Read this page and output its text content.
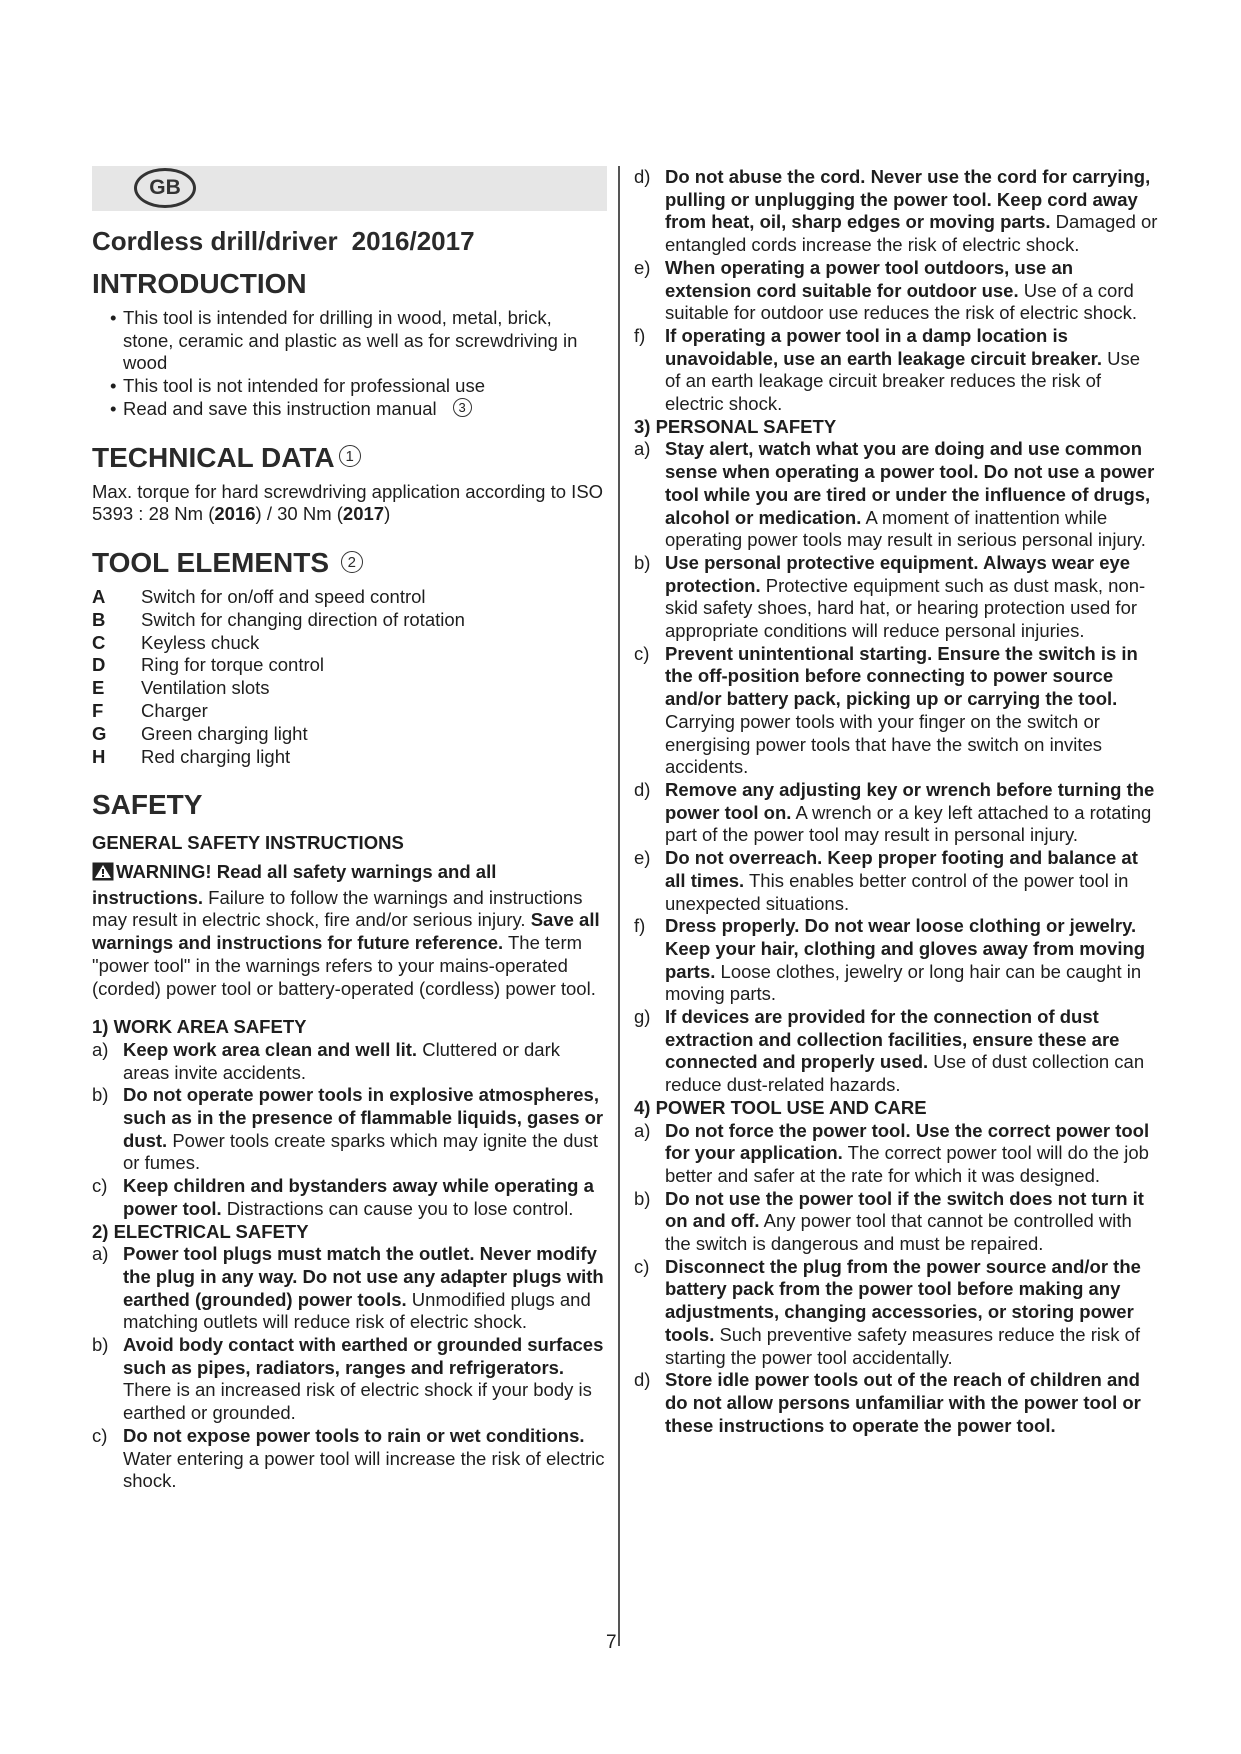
GB
Cordless drill/driver 2016/2017
INTRODUCTION
• This tool is intended for drilling in wood, metal, brick, stone, ceramic and plastic as well as for screwdriving in wood
• This tool is not intended for professional use
• Read and save this instruction manual 3
TECHNICAL DATA 1

Max. torque for hard screwdriving application according to ISO 5393 : 28 Nm (2016) / 30 Nm (2017)

TOOL ELEMENTS 2
A	Switch for on/off and speed control
B	Switch for changing direction of rotation
C	Keyless chuck
D	Ring for torque control
E	Ventilation slots
F	Charger
G	Green charging light
H	Red charging light
SAFETY
GENERAL SAFETY INSTRUCTIONS

WARNING! Read all safety warnings and all instructions. Failure to follow the warnings and instructions may result in electric shock, fire and/or serious injury. Save all warnings and instructions for future reference. The term "power tool" in the warnings refers to your mains-operated (corded) power tool or battery-operated (cordless) power tool.

1) WORK AREA SAFETY
a) Keep work area clean and well lit. Cluttered or dark areas invite accidents.
b) Do not operate power tools in explosive atmospheres, such as in the presence of flammable liquids, gases or dust. Power tools create sparks which may ignite the dust or fumes.
c) Keep children and bystanders away while operating a power tool. Distractions can cause you to lose control.
2) ELECTRICAL SAFETY
a) Power tool plugs must match the outlet. Never modify the plug in any way. Do not use any adapter plugs with earthed (grounded) power tools. Unmodified plugs and matching outlets will reduce risk of electric shock.
b) Avoid body contact with earthed or grounded surfaces such as pipes, radiators, ranges and refrigerators. There is an increased risk of electric shock if your body is earthed or grounded.
c) Do not expose power tools to rain or wet conditions. Water entering a power tool will increase the risk of electric shock.
d) Do not abuse the cord. Never use the cord for carrying, pulling or unplugging the power tool. Keep cord away from heat, oil, sharp edges or moving parts. Damaged or entangled cords increase the risk of electric shock.
e) When operating a power tool outdoors, use an extension cord suitable for outdoor use. Use of a cord suitable for outdoor use reduces the risk of electric shock.
f) If operating a power tool in a damp location is unavoidable, use an earth leakage circuit breaker. Use of an earth leakage circuit breaker reduces the risk of electric shock.
3) PERSONAL SAFETY
a) Stay alert, watch what you are doing and use common sense when operating a power tool. Do not use a power tool while you are tired or under the influence of drugs, alcohol or medication. A moment of inattention while operating power tools may result in serious personal injury.
b) Use personal protective equipment. Always wear eye protection. Protective equipment such as dust mask, non-skid safety shoes, hard hat, or hearing protection used for appropriate conditions will reduce personal injuries.
c) Prevent unintentional starting. Ensure the switch is in the off-position before connecting to power source and/or battery pack, picking up or carrying the tool. Carrying power tools with your finger on the switch or energising power tools that have the switch on invites accidents.
d) Remove any adjusting key or wrench before turning the power tool on. A wrench or a key left attached to a rotating part of the power tool may result in personal injury.
e) Do not overreach. Keep proper footing and balance at all times. This enables better control of the power tool in unexpected situations.
f) Dress properly. Do not wear loose clothing or jewelry. Keep your hair, clothing and gloves away from moving parts. Loose clothes, jewelry or long hair can be caught in moving parts.
g) If devices are provided for the connection of dust extraction and collection facilities, ensure these are connected and properly used. Use of dust collection can reduce dust-related hazards.
4) POWER TOOL USE AND CARE
a) Do not force the power tool. Use the correct power tool for your application. The correct power tool will do the job better and safer at the rate for which it was designed.
b) Do not use the power tool if the switch does not turn it on and off. Any power tool that cannot be controlled with the switch is dangerous and must be repaired.
c) Disconnect the plug from the power source and/or the battery pack from the power tool before making any adjustments, changing accessories, or storing power tools. Such preventive safety measures reduce the risk of starting the power tool accidentally.
d) Store idle power tools out of the reach of children and do not allow persons unfamiliar with the power tool or these instructions to operate the power tool.
7
